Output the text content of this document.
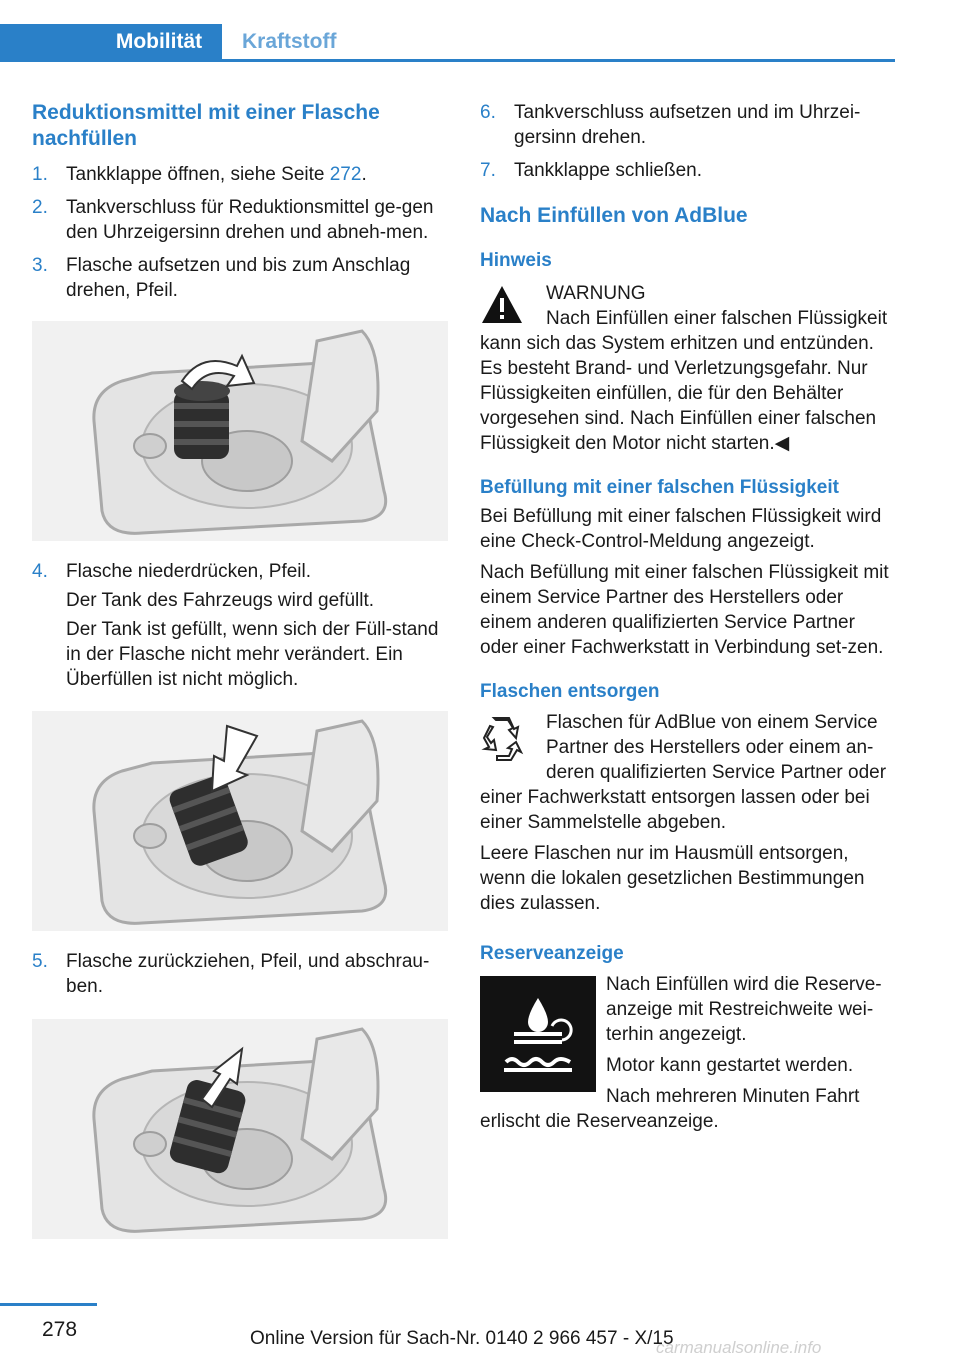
Mobilität	Kraftstoff
Reduktionsmittel mit einer Flasche nachfüllen
1. Tankklappe öffnen, siehe Seite 272.
2. Tankverschluss für Reduktionsmittel ge-gen den Uhrzeigersinn drehen und abneh-men.
3. Flasche aufsetzen und bis zum Anschlag drehen, Pfeil.
4. Flasche niederdrücken, Pfeil.

Der Tank des Fahrzeugs wird gefüllt.

Der Tank ist gefüllt, wenn sich der Füll-stand in der Flasche nicht mehr verändert. Ein Überfüllen ist nicht möglich.

5. Flasche zurückziehen, Pfeil, und abschrau-ben.
6. Tankverschluss aufsetzen und im Uhrzei-gersinn drehen.
7. Tankklappe schließen.
Nach Einfüllen von AdBlue
Hinweis

WARNUNG

Nach Einfüllen einer falschen Flüssigkeit kann sich das System erhitzen und entzünden. Es besteht Brand- und Verletzungsgefahr. Nur Flüssigkeiten einfüllen, die für den Behälter vorgesehen sind. Nach Einfüllen einer falschen Flüssigkeit den Motor nicht starten.◀

Befüllung mit einer falschen Flüssigkeit

Bei Befüllung mit einer falschen Flüssigkeit wird eine Check-Control-Meldung angezeigt.

Nach Befüllung mit einer falschen Flüssigkeit mit einem Service Partner des Herstellers oder einem anderen qualifizierten Service Partner oder einer Fachwerkstatt in Verbindung set-zen.

Flaschen entsorgen

Flaschen für AdBlue von einem Service Partner des Herstellers oder einem an-deren qualifizierten Service Partner oder einer Fachwerkstatt entsorgen lassen oder bei einer Sammelstelle abgeben.

Leere Flaschen nur im Hausmüll entsorgen, wenn die lokalen gesetzlichen Bestimmungen dies zulassen.

Reserveanzeige

Nach Einfüllen wird die Reserve-anzeige mit Restreichweite wei-terhin angezeigt.

Motor kann gestartet werden.

Nach mehreren Minuten Fahrt erlischt die Reserveanzeige.

278	Online Version für Sach-Nr. 0140 2 966 457 - X/15
carmanualsonline.info
